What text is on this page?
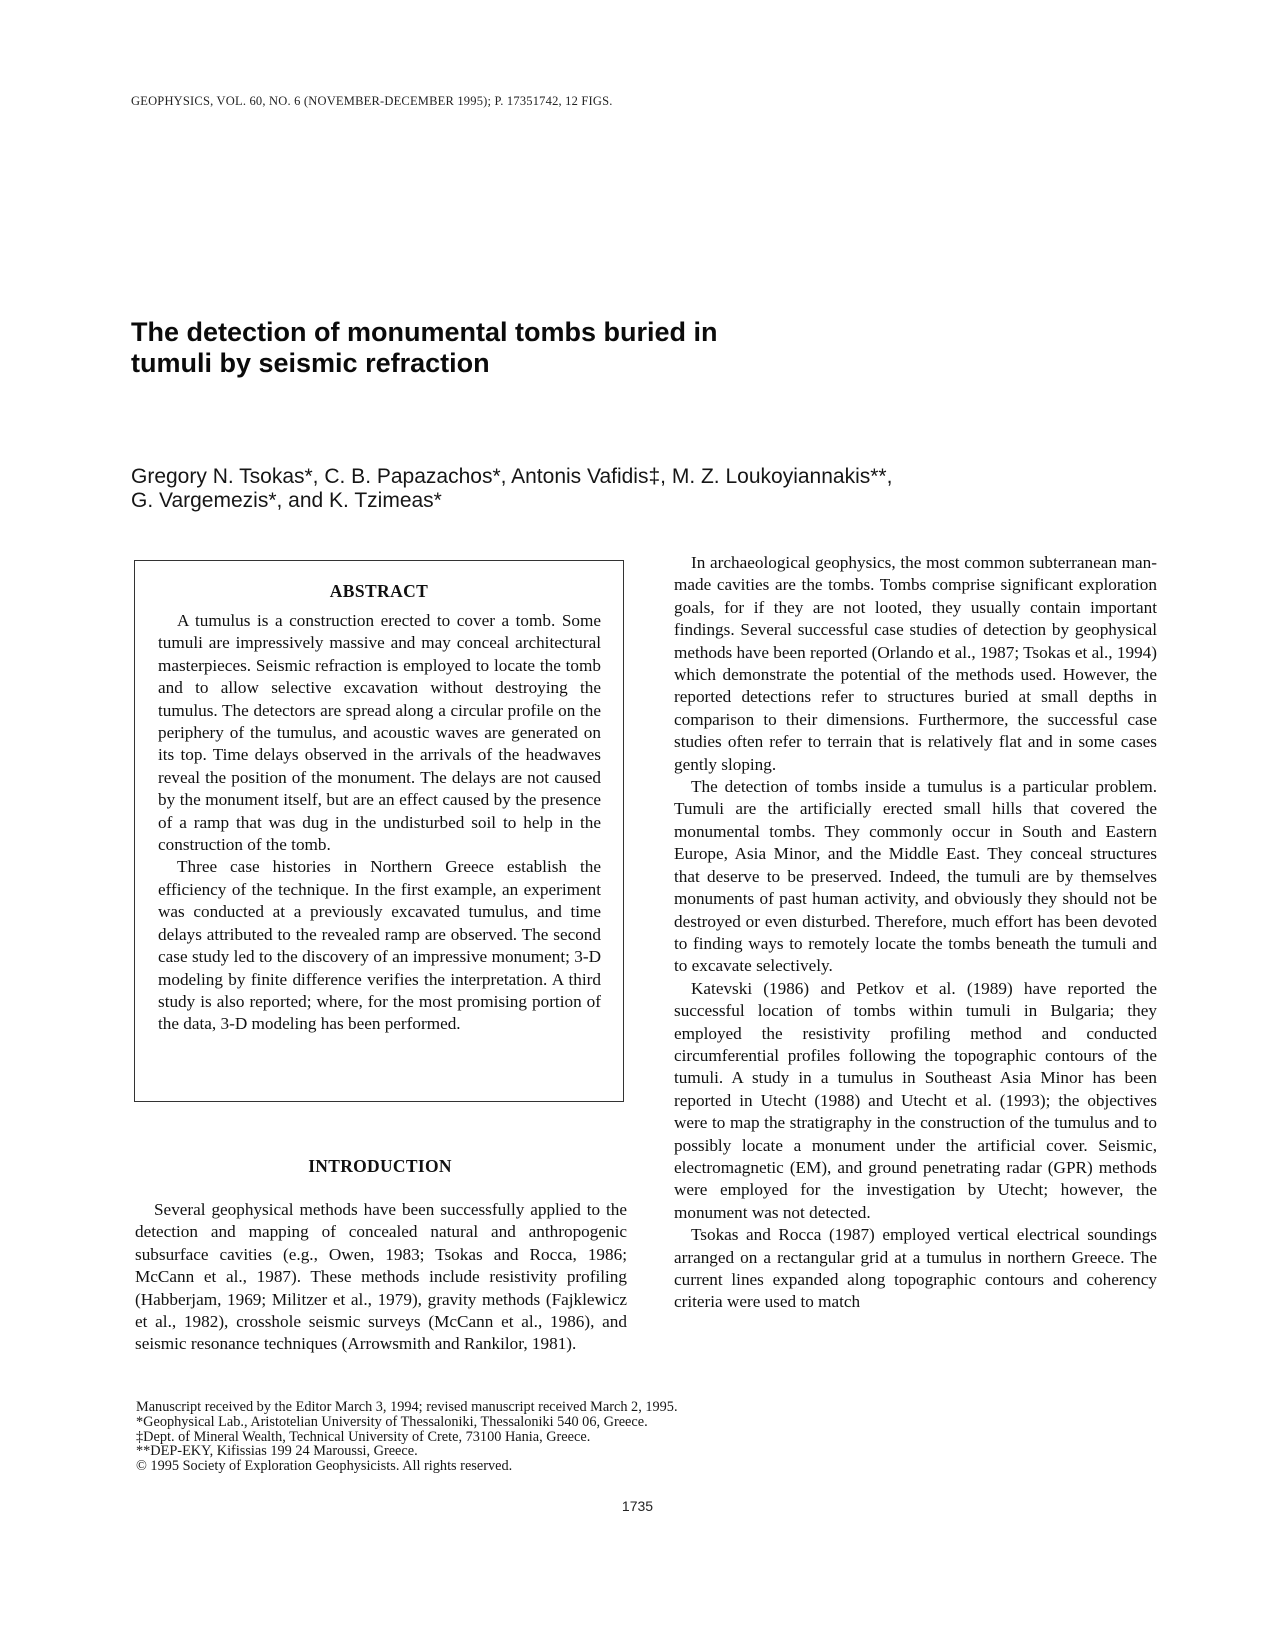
GEOPHYSICS, VOL. 60, NO. 6 (NOVEMBER-DECEMBER 1995); P. 17351742, 12 FIGS.
The detection of monumental tombs buried in
tumuli by seismic refraction
Gregory N. Tsokas*, C. B. Papazachos*, Antonis Vafidis‡, M. Z. Loukoyiannakis**,
G. Vargemezis*, and K. Tzimeas*
ABSTRACT

A tumulus is a construction erected to cover a tomb. Some tumuli are impressively massive and may conceal architectural masterpieces. Seismic refraction is employed to locate the tomb and to allow selective excavation without destroying the tumulus. The detectors are spread along a circular profile on the periphery of the tumulus, and acoustic waves are generated on its top. Time delays observed in the arrivals of the headwaves reveal the position of the monument. The delays are not caused by the monument itself, but are an effect caused by the presence of a ramp that was dug in the undisturbed soil to help in the construction of the tomb.

Three case histories in Northern Greece establish the efficiency of the technique. In the first example, an experiment was conducted at a previously excavated tumulus, and time delays attributed to the revealed ramp are observed. The second case study led to the discovery of an impressive monument; 3-D modeling by finite difference verifies the interpretation. A third study is also reported; where, for the most promising portion of the data, 3-D modeling has been performed.

INTRODUCTION

Several geophysical methods have been successfully applied to the detection and mapping of concealed natural and anthropogenic subsurface cavities (e.g., Owen, 1983; Tsokas and Rocca, 1986; McCann et al., 1987). These methods include resistivity profiling (Habberjam, 1969; Militzer et al., 1979), gravity methods (Fajklewicz et al., 1982), crosshole seismic surveys (McCann et al., 1986), and seismic resonance techniques (Arrowsmith and Rankilor, 1981).

In archaeological geophysics, the most common subterranean man-made cavities are the tombs. Tombs comprise significant exploration goals, for if they are not looted, they usually contain important findings. Several successful case studies of detection by geophysical methods have been reported (Orlando et al., 1987; Tsokas et al., 1994) which demonstrate the potential of the methods used. However, the reported detections refer to structures buried at small depths in comparison to their dimensions. Furthermore, the successful case studies often refer to terrain that is relatively flat and in some cases gently sloping.

The detection of tombs inside a tumulus is a particular problem. Tumuli are the artificially erected small hills that covered the monumental tombs. They commonly occur in South and Eastern Europe, Asia Minor, and the Middle East. They conceal structures that deserve to be preserved. Indeed, the tumuli are by themselves monuments of past human activity, and obviously they should not be destroyed or even disturbed. Therefore, much effort has been devoted to finding ways to remotely locate the tombs beneath the tumuli and to excavate selectively.

Katevski (1986) and Petkov et al. (1989) have reported the successful location of tombs within tumuli in Bulgaria; they employed the resistivity profiling method and conducted circumferential profiles following the topographic contours of the tumuli. A study in a tumulus in Southeast Asia Minor has been reported in Utecht (1988) and Utecht et al. (1993); the objectives were to map the stratigraphy in the construction of the tumulus and to possibly locate a monument under the artificial cover. Seismic, electromagnetic (EM), and ground penetrating radar (GPR) methods were employed for the investigation by Utecht; however, the monument was not detected.

Tsokas and Rocca (1987) employed vertical electrical soundings arranged on a rectangular grid at a tumulus in northern Greece. The current lines expanded along topographic contours and coherency criteria were used to match

Manuscript received by the Editor March 3, 1994; revised manuscript received March 2, 1995.
*Geophysical Lab., Aristotelian University of Thessaloniki, Thessaloniki 540 06, Greece.
‡Dept. of Mineral Wealth, Technical University of Crete, 73100 Hania, Greece.
**DEP-EKY, Kifissias 199 24 Maroussi, Greece.
© 1995 Society of Exploration Geophysicists. All rights reserved.
1735
